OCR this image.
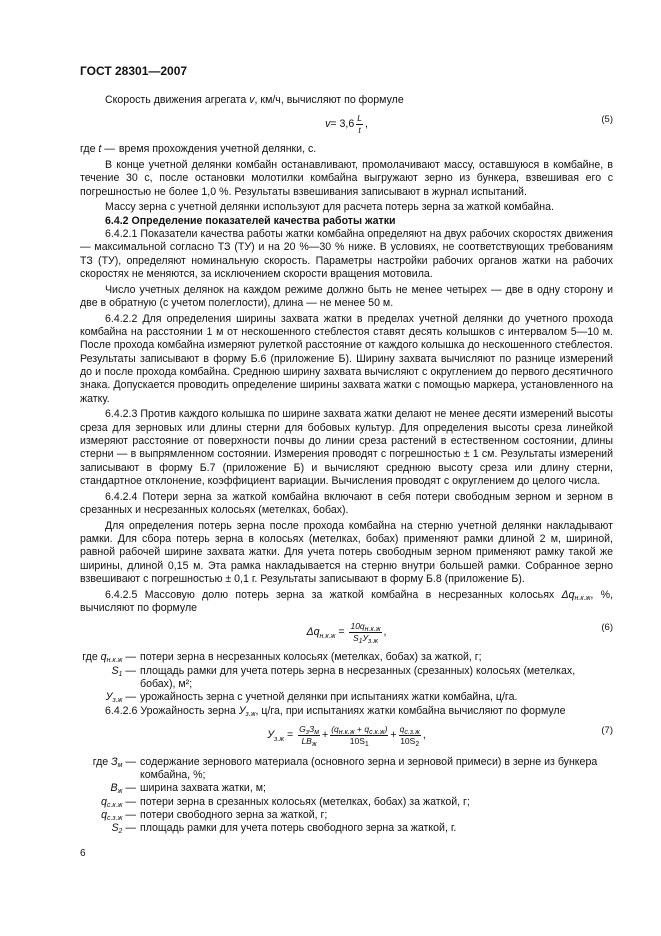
ГОСТ 28301—2007

Скорость движения агрегата v, км/ч, вычисляют по формуле

$v = 3,6 \frac{L}{t}$ ,	(5)
где t — время прохождения учетной делянки, с.

В конце учетной делянки комбайн останавливают, промолачивают массу, оставшуюся в комбайне, в течение 30 с, после остановки молотилки комбайна выгружают зерно из бункера, взвешивая его с погрешностью не более 1,0 %. Результаты взвешивания записывают в журнал испытаний.

Массу зерна с учетной делянки используют для расчета потерь зерна за жаткой комбайна.

6.4.2 Определение показателей качества работы жатки

6.4.2.1 Показатели качества работы жатки комбайна определяют на двух рабочих скоростях движения — максимальной согласно ТЗ (ТУ) и на 20 %—30 % ниже. В условиях, не соответствующих требованиям ТЗ (ТУ), определяют номинальную скорость. Параметры настройки рабочих органов жатки на рабочих скоростях не меняются, за исключением скорости вращения мотовила.

Число учетных делянок на каждом режиме должно быть не менее четырех — две в одну сторону и две в обратную (с учетом полеглости), длина — не менее 50 м.

6.4.2.2 Для определения ширины захвата жатки в пределах учетной делянки до учетного прохода комбайна на расстоянии 1 м от нескошенного стеблестоя ставят десять колышков с интервалом 5—10 м. После прохода комбайна измеряют рулеткой расстояние от каждого колышка до нескошенного стеблестоя. Результаты записывают в форму Б.6 (приложение Б). Ширину захвата вычисляют по разнице измерений до и после прохода комбайна. Среднюю ширину захвата вычисляют с округлением до первого десятичного знака. Допускается проводить определение ширины захвата жатки с помощью маркера, установленного на жатку.

6.4.2.3 Против каждого колышка по ширине захвата жатки делают не менее десяти измерений высоты среза для зерновых или длины стерни для бобовых культур. Для определения высоты среза линейкой измеряют расстояние от поверхности почвы до линии среза растений в естественном состоянии, длины стерни — в выпрямленном состоянии. Измерения проводят с погрешностью ± 1 см. Результаты измерений записывают в форму Б.7 (приложение Б) и вычисляют среднюю высоту среза или длину стерни, стандартное отклонение, коэффициент вариации. Вычисления проводят с округлением до целого числа.

6.4.2.4 Потери зерна за жаткой комбайна включают в себя потери свободным зерном и зерном в срезанных и несрезанных колосьях (метелках, бобах).

Для определения потерь зерна после прохода комбайна на стерню учетной делянки накладывают рамки. Для сбора потерь зерна в колосьях (метелках, бобах) применяют рамки длиной 2 м, шириной, равной рабочей ширине захвата жатки. Для учета потерь свободным зерном применяют рамку такой же ширины, длиной 0,15 м. Эта рамка накладывается на стерню внутри большей рамки. Собранное зерно взвешивают с погрешностью ± 0,1 г. Результаты записывают в форму Б.8 (приложение Б).

6.4.2.5 Массовую долю потерь зерна за жаткой комбайна в несрезанных колосьях $\Delta q_{н.к.ж}$, %, вычисляют по формуле

$\Delta q_{н.к.ж} = \frac{10q_{н.к.ж}}{S_1У_{з.ж}}$ ,	(6)
где $q_{н.к.ж}$ — потери зерна в несрезанных колосьях (метелках, бобах) за жаткой, г;
$S_1$ — площадь рамки для учета потерь зерна в несрезанных (срезанных) колосьях (метелках, бобах), м²;
$У_{з.ж}$ — урожайность зерна с учетной делянки при испытаниях жатки комбайна, ц/га.

6.4.2.6 Урожайность зерна $У_{з.ж}$, ц/га, при испытаниях жатки комбайна вычисляют по формуле

$У_{з.ж} = \frac{G_зЗ_м}{LB_ж} + \frac{(q_{н.к.ж} + q_{с.к.ж})}{10S_1} + \frac{q_{с.з.ж}}{10S_2}$ ,	(7)
где $З_м$ — содержание зернового материала (основного зерна и зерновой примеси) в зерне из бункера комбайна, %;
$B_ж$ — ширина захвата жатки, м;
$q_{с.к.ж}$ — потери зерна в срезанных колосьях (метелках, бобах) за жаткой, г;
$q_{с.з.ж}$ — потери свободного зерна за жаткой, г;
$S_2$ — площадь рамки для учета потерь свободного зерна за жаткой, г.
6
